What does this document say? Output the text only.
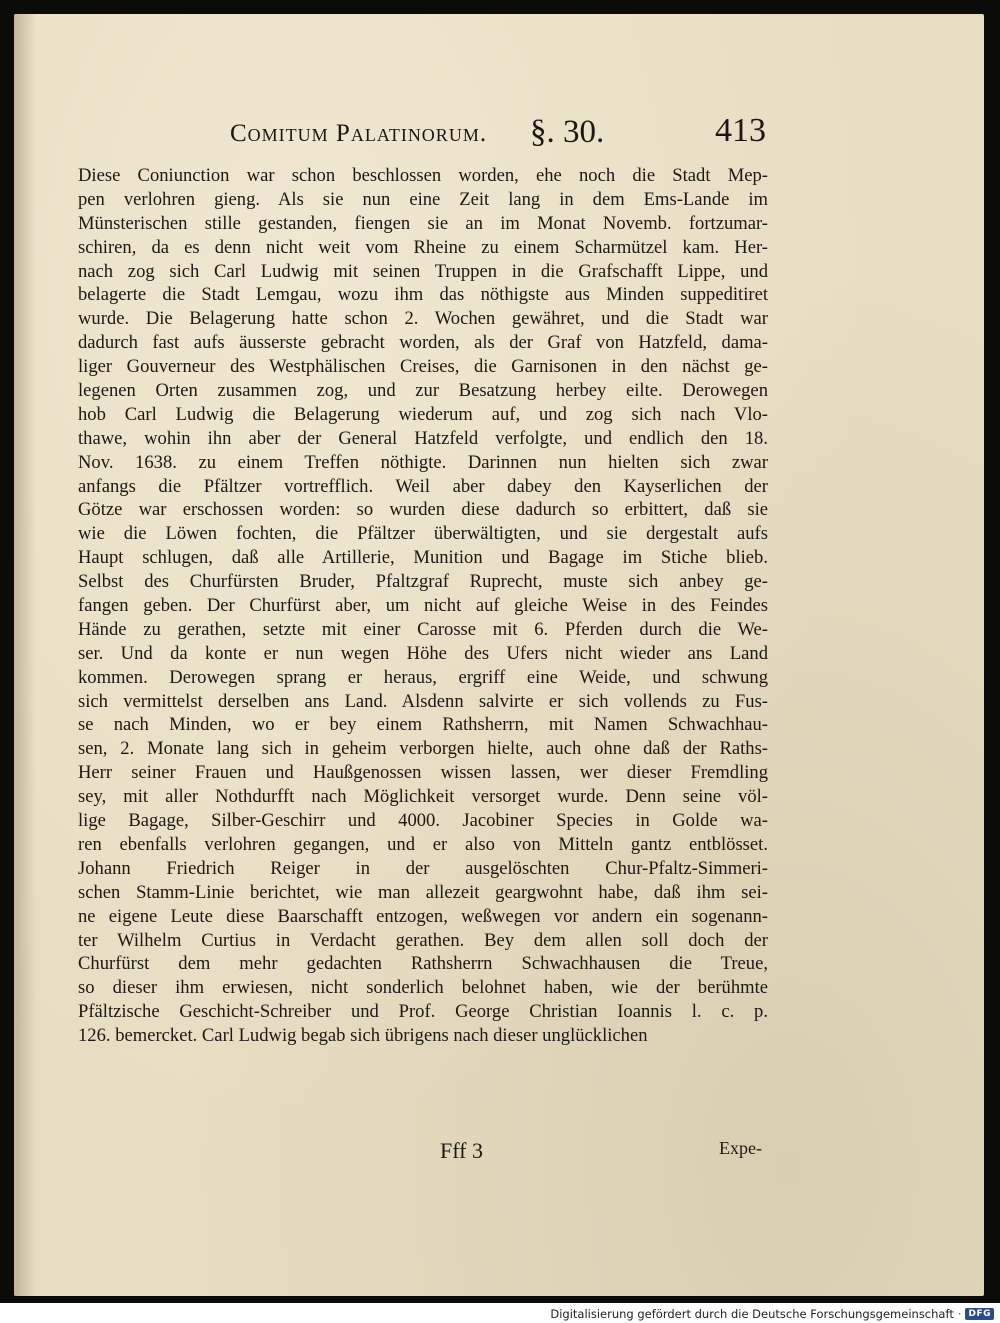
Comitum Palatinorum. §. 30.	413
Diese Coniunction war schon beschlossen worden, ehe noch die Stadt Mep-
pen verlohren gieng. Als sie nun eine Zeit lang in dem Ems-Lande im
Münsterischen stille gestanden, fiengen sie an im Monat Novemb. fortzumar-
schiren, da es denn nicht weit vom Rheine zu einem Scharmützel kam. Her-
nach zog sich Carl Ludwig mit seinen Truppen in die Grafschafft Lippe, und
belagerte die Stadt Lemgau, wozu ihm das nöthigste aus Minden suppeditiret
wurde. Die Belagerung hatte schon 2. Wochen gewähret, und die Stadt war
dadurch fast aufs äusserste gebracht worden, als der Graf von Hatzfeld, dama-
liger Gouverneur des Westphälischen Creises, die Garnisonen in den nächst ge-
legenen Orten zusammen zog, und zur Besatzung herbey eilte. Derowegen
hob Carl Ludwig die Belagerung wiederum auf, und zog sich nach Vlo-
thawe, wohin ihn aber der General Hatzfeld verfolgte, und endlich den 18.
Nov. 1638. zu einem Treffen nöthigte. Darinnen nun hielten sich zwar
anfangs die Pfältzer vortrefflich. Weil aber dabey den Kayserlichen der
Götze war erschossen worden: so wurden diese dadurch so erbittert, daß sie
wie die Löwen fochten, die Pfältzer überwältigten, und sie dergestalt aufs
Haupt schlugen, daß alle Artillerie, Munition und Bagage im Stiche blieb.
Selbst des Churfürsten Bruder, Pfaltzgraf Ruprecht, muste sich anbey ge-
fangen geben. Der Churfürst aber, um nicht auf gleiche Weise in des Feindes
Hände zu gerathen, setzte mit einer Carosse mit 6. Pferden durch die We-
ser. Und da konte er nun wegen Höhe des Ufers nicht wieder ans Land
kommen. Derowegen sprang er heraus, ergriff eine Weide, und schwung
sich vermittelst derselben ans Land. Alsdenn salvirte er sich vollends zu Fus-
se nach Minden, wo er bey einem Rathsherrn, mit Namen Schwachhau-
sen, 2. Monate lang sich in geheim verborgen hielte, auch ohne daß der Raths-
Herr seiner Frauen und Haußgenossen wissen lassen, wer dieser Fremdling
sey, mit aller Nothdurfft nach Möglichkeit versorget wurde. Denn seine völ-
lige Bagage, Silber-Geschirr und 4000. Jacobiner Species in Golde wa-
ren ebenfalls verlohren gegangen, und er also von Mitteln gantz entblösset.
Johann Friedrich Reiger in der ausgelöschten Chur-Pfaltz-Simmeri-
schen Stamm-Linie berichtet, wie man allezeit geargwohnt habe, daß ihm sei-
ne eigene Leute diese Baarschafft entzogen, weßwegen vor andern ein sogenann-
ter Wilhelm Curtius in Verdacht gerathen. Bey dem allen soll doch der
Churfürst dem mehr gedachten Rathsherrn Schwachhausen die Treue,
so dieser ihm erwiesen, nicht sonderlich belohnet haben, wie der berühmte
Pfältzische Geschicht-Schreiber und Prof. George Christian Ioannis l. c. p.
126. bemercket. Carl Ludwig begab sich übrigens nach dieser unglücklichen
Fff 3	Expe-
Digitalisierung gefördert durch die Deutsche Forschungsgemeinschaft · DFG
